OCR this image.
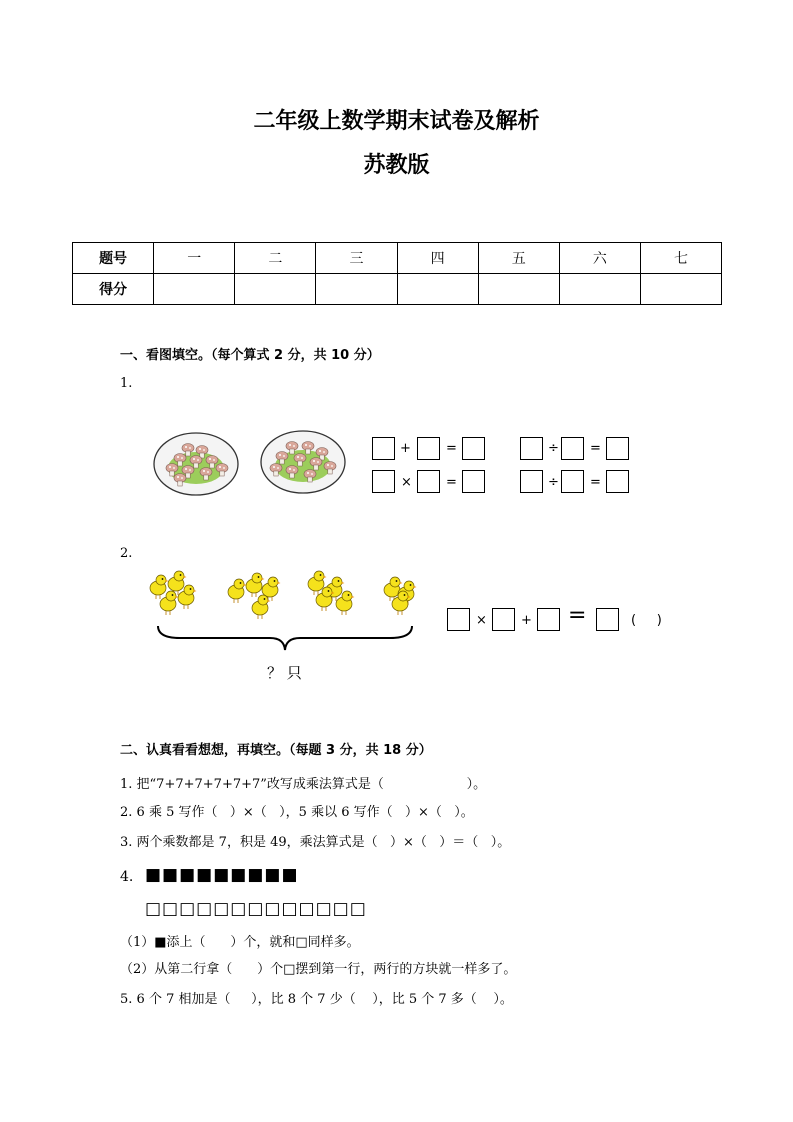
二年级上数学期末试卷及解析
苏教版
题号	一	二	三	四	五	六	七
得分							
一、看图填空。（每个算式 2 分，共 10 分）
1.
+	=	÷ =
×	=	÷ =
2.
？ 只
×	+ =	(     )
二、认真看看想想，再填空。（每题 3 分，共 18 分）
1. 把“7+7+7+7+7+7”改写成乘法算式是（                    ）。
2. 6 乘 5 写作（   ）×（   ），5 乘以 6 写作（   ）×（   ）。
3. 两个乘数都是 7，积是 49，乘法算式是（   ）×（   ）＝（   ）。
4. ■■■■■■■■■
□□□□□□□□□□□□□
（1）■添上（      ）个，就和□同样多。
（2）从第二行拿（      ）个□摆到第一行，两行的方块就一样多了。
5. 6 个 7 相加是（     ），比 8 个 7 少（    ），比 5 个 7 多（    ）。
